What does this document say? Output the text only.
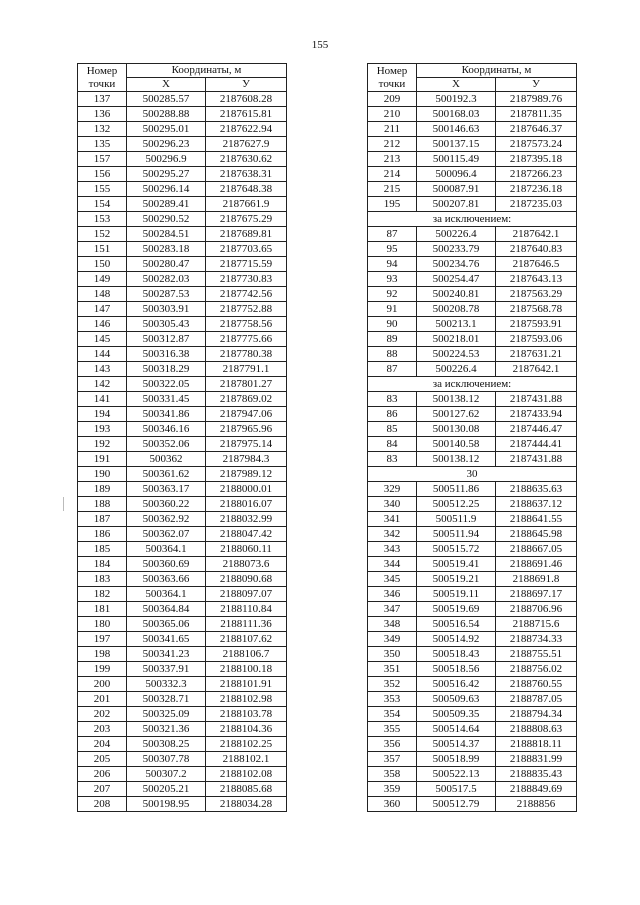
155
Номер
точки	Координаты, м	
	X	У
137	500285.57	2187608.28
136	500288.88	2187615.81
132	500295.01	2187622.94
135	500296.23	2187627.9
157	500296.9	2187630.62
156	500295.27	2187638.31
155	500296.14	2187648.38
154	500289.41	2187661.9
153	500290.52	2187675.29
152	500284.51	2187689.81
151	500283.18	2187703.65
150	500280.47	2187715.59
149	500282.03	2187730.83
148	500287.53	2187742.56
147	500303.91	2187752.88
146	500305.43	2187758.56
145	500312.87	2187775.66
144	500316.38	2187780.38
143	500318.29	2187791.1
142	500322.05	2187801.27
141	500331.45	2187869.02
194	500341.86	2187947.06
193	500346.16	2187965.96
192	500352.06	2187975.14
191	500362	2187984.3
190	500361.62	2187989.12
189	500363.17	2188000.01
188	500360.22	2188016.07
187	500362.92	2188032.99
186	500362.07	2188047.42
185	500364.1	2188060.11
184	500360.69	2188073.6
183	500363.66	2188090.68
182	500364.1	2188097.07
181	500364.84	2188110.84
180	500365.06	2188111.36
197	500341.65	2188107.62
198	500341.23	2188106.7
199	500337.91	2188100.18
200	500332.3	2188101.91
201	500328.71	2188102.98
202	500325.09	2188103.78
203	500321.36	2188104.36
204	500308.25	2188102.25
205	500307.78	2188102.1
206	500307.2	2188102.08
207	500205.21	2188085.68
208	500198.95	2188034.28
Номер
точки	Координаты, м	
	X	У
209	500192.3	2187989.76
210	500168.03	2187811.35
211	500146.63	2187646.37
212	500137.15	2187573.24
213	500115.49	2187395.18
214	500096.4	2187266.23
215	500087.91	2187236.18
195	500207.81	2187235.03
за исключением:		
87	500226.4	2187642.1
95	500233.79	2187640.83
94	500234.76	2187646.5
93	500254.47	2187643.13
92	500240.81	2187563.29
91	500208.78	2187568.78
90	500213.1	2187593.91
89	500218.01	2187593.06
88	500224.53	2187631.21
87	500226.4	2187642.1
за исключением:		
83	500138.12	2187431.88
86	500127.62	2187433.94
85	500130.08	2187446.47
84	500140.58	2187444.41
83	500138.12	2187431.88
30		
329	500511.86	2188635.63
340	500512.25	2188637.12
341	500511.9	2188641.55
342	500511.94	2188645.98
343	500515.72	2188667.05
344	500519.41	2188691.46
345	500519.21	2188691.8
346	500519.11	2188697.17
347	500519.69	2188706.96
348	500516.54	2188715.6
349	500514.92	2188734.33
350	500518.43	2188755.51
351	500518.56	2188756.02
352	500516.42	2188760.55
353	500509.63	2188787.05
354	500509.35	2188794.34
355	500514.64	2188808.63
356	500514.37	2188818.11
357	500518.99	2188831.99
358	500522.13	2188835.43
359	500517.5	2188849.69
360	500512.79	2188856
